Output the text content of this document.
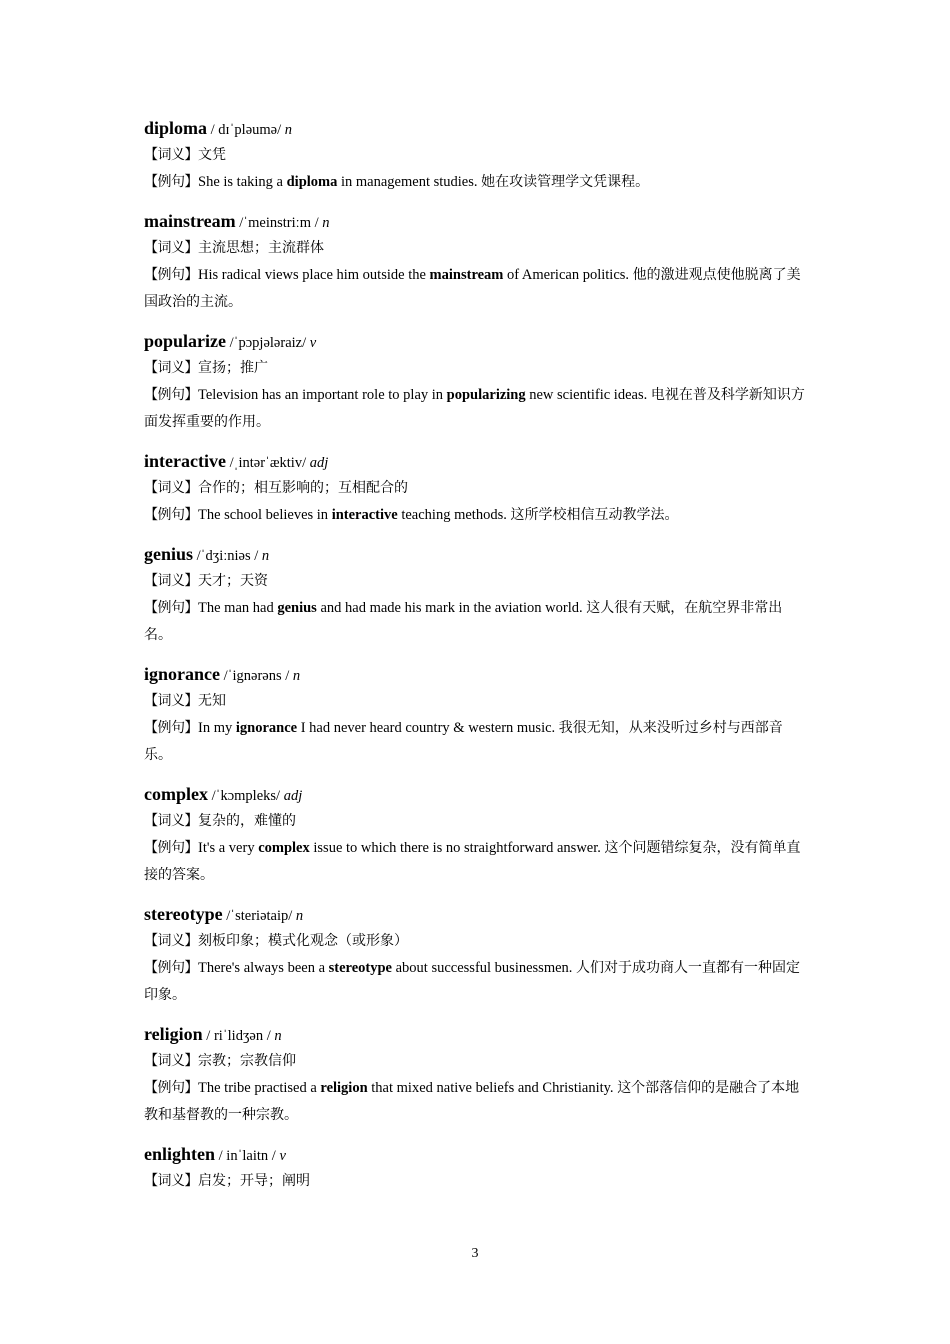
diploma / dɪˈpləumə/ n
【词义】文凭
【例句】She is taking a diploma in management studies. 她在攻读管理学文凭课程。
mainstream /ˈmeinstriːm / n
【词义】主流思想；主流群体
【例句】His radical views place him outside the mainstream of American politics. 他的激进观点使他脱离了美国政治的主流。
popularize /ˈpɔpjələraiz/ v
【词义】宣扬；推广
【例句】Television has an important role to play in popularizing new scientific ideas. 电视在普及科学新知识方面发挥重要的作用。
interactive /ˌintərˈæktiv/ adj
【词义】合作的；相互影响的；互相配合的
【例句】The school believes in interactive teaching methods. 这所学校相信互动教学法。
genius /ˈdʒiːniəs / n
【词义】天才；天资
【例句】The man had genius and had made his mark in the aviation world. 这人很有天赋，在航空界非常出名。
ignorance /ˈignərəns / n
【词义】无知
【例句】In my ignorance I had never heard country & western music. 我很无知，从来没听过乡村与西部音乐。
complex /ˈkɔmpleks/ adj
【词义】复杂的，难懂的
【例句】It's a very complex issue to which there is no straightforward answer. 这个问题错综复杂，没有简单直接的答案。
stereotype /ˈsteriətaip/ n
【词义】刻板印象；模式化观念（或形象）
【例句】There's always been a stereotype about successful businessmen. 人们对于成功商人一直都有一种固定印象。
religion / riˈlidʒən / n
【词义】宗教；宗教信仰
【例句】The tribe practised a religion that mixed native beliefs and Christianity. 这个部落信仰的是融合了本地教和基督教的一种宗教。
enlighten / inˈlaitn / v
【词义】启发；开导；阐明
3
